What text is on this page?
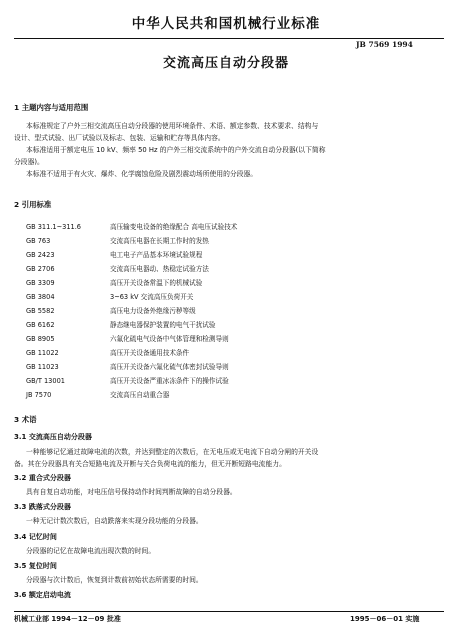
中华人民共和国机械行业标准
JB 7569 1994
交流高压自动分段器
1 主题内容与适用范围
本标准规定了户外三相交流高压自动分段器的使用环境条件、术语、额定参数、技术要求、结构与
设计、型式试验、出厂试验以及标志、包装、运输和贮存等具体内容。
本标准适用于额定电压 10 kV、频率 50 Hz 的户外三相交流系统中的户外交流自动分段器(以下简称
分段器)。
本标准不适用于有火灾、爆炸、化学腐蚀危险及剧烈震动场所使用的分段器。
2 引用标准
GB 311.1~311.6	高压输变电设备的绝缘配合 高电压试验技术
GB 763	交流高压电器在长期工作时的发热
GB 2423	电工电子产品基本环境试验规程
GB 2706	交流高压电器动、热稳定试验方法
GB 3309	高压开关设备常温下的机械试验
GB 3804	3~63 kV 交流高压负荷开关
GB 5582	高压电力设备外绝缘污秽等级
GB 6162	静态继电器保护装置的电气干扰试验
GB 8905	六氟化硫电气设备中气体管理和检测导则
GB 11022	高压开关设备通用技术条件
GB 11023	高压开关设备六氟化硫气体密封试验导则
GB/T 13001	高压开关设备严重冰冻条件下的操作试验
JB 7570	交流高压自动重合器
3 术语
3.1 交流高压自动分段器
一种能够记忆通过故障电流的次数，并达到整定的次数后，在无电压或无电流下自动分闸的开关设
备。其在分段器具有关合短路电流及开断与关合负荷电流的能力，但无开断短路电流能力。
3.2 重合式分段器
具有自复自动功能，对电压信号保持动作时间判断故障的自动分段器。
3.3 跌落式分段器
一种无记计数次数后，自动跌落来实现分段功能的分段器。
3.4 记忆时间
分段器的记忆在故障电流出现次数的时间。
3.5 复位时间
分段器与次计数后，恢复到计数前初始状态所需要的时间。
3.6 额定启动电流
机械工业部 1994－12－09 批准	1995－06－01 实施
